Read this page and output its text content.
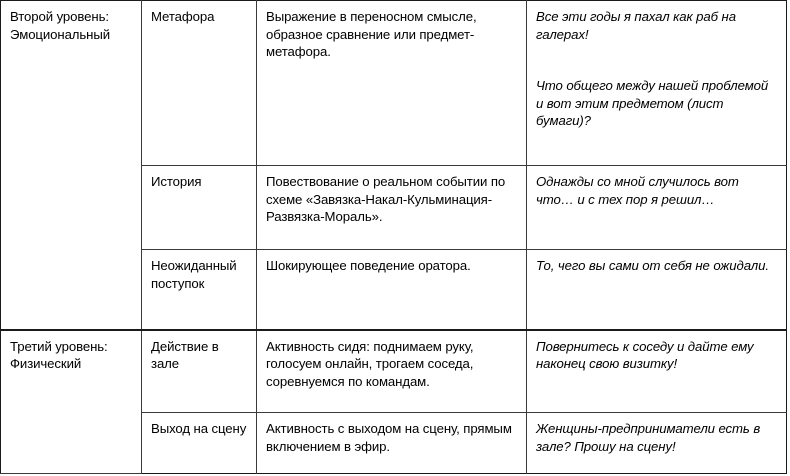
Второй уровень:
Эмоциональный	Метафора	Выражение в переносном смысле, образное сравнение или предмет-метафора.	Все эти годы я пахал как раб на галерах!
Что общего между нашей проблемой и вот этим предметом (лист бумаги)?

	История	Повествование о реальном событии по схеме «Завязка-Накал-Кульминация-Развязка-Мораль».	Однажды со мной случилось вот что… и с тех пор я решил…

	Неожиданный поступок	Шокирующее поведение оратора.	То, чего вы сами от себя не ожидали.

Третий уровень:
Физический	Действие в зале	Активность сидя: поднимаем руку, голосуем онлайн, трогаем соседа, соревнуемся по командам.	Повернитесь к соседу и дайте ему наконец свою визитку!

	Выход на сцену	Активность с выходом на сцену, прямым включением в эфир.	Женщины-предприниматели есть в зале? Прошу на сцену!
